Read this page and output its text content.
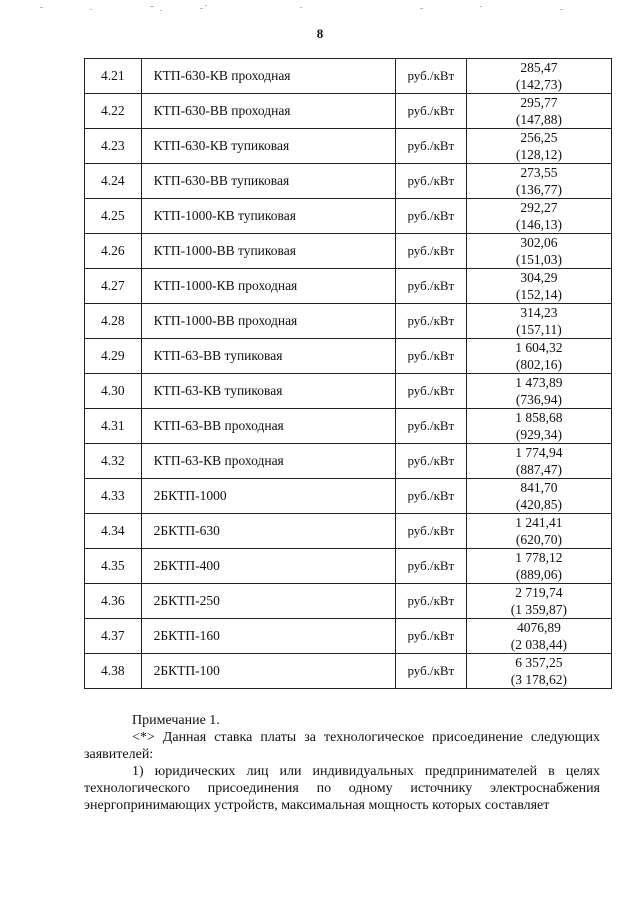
8
4.21	КТП-630-КВ проходная	руб./кВт	285,47
(142,73)

4.22	КТП-630-ВВ проходная	руб./кВт	295,77
(147,88)

4.23	КТП-630-КВ тупиковая	руб./кВт	256,25
(128,12)

4.24	КТП-630-ВВ тупиковая	руб./кВт	273,55
(136,77)

4.25	КТП-1000-КВ тупиковая	руб./кВт	292,27
(146,13)

4.26	КТП-1000-ВВ тупиковая	руб./кВт	302,06
(151,03)

4.27	КТП-1000-КВ проходная	руб./кВт	304,29
(152,14)

4.28	КТП-1000-ВВ проходная	руб./кВт	314,23
(157,11)

4.29	КТП-63-ВВ тупиковая	руб./кВт	1 604,32
(802,16)

4.30	КТП-63-КВ тупиковая	руб./кВт	1 473,89
(736,94)

4.31	КТП-63-ВВ проходная	руб./кВт	1 858,68
(929,34)

4.32	КТП-63-КВ проходная	руб./кВт	1 774,94
(887,47)

4.33	2БКТП-1000	руб./кВт	841,70
(420,85)

4.34	2БКТП-630	руб./кВт	1 241,41
(620,70)

4.35	2БКТП-400	руб./кВт	1 778,12
(889,06)

4.36	2БКТП-250	руб./кВт	2 719,74
(1 359,87)

4.37	2БКТП-160	руб./кВт	4076,89
(2 038,44)

4.38	2БКТП-100	руб./кВт	6 357,25
(3 178,62)

Примечание 1.

<*> Данная ставка платы за технологическое присоединение следующих заявителей:

1) юридических лиц или индивидуальных предпринимателей в целях технологического присоединения по одному источнику электроснабжения энергопринимающих устройств, максимальная мощность которых составляет
